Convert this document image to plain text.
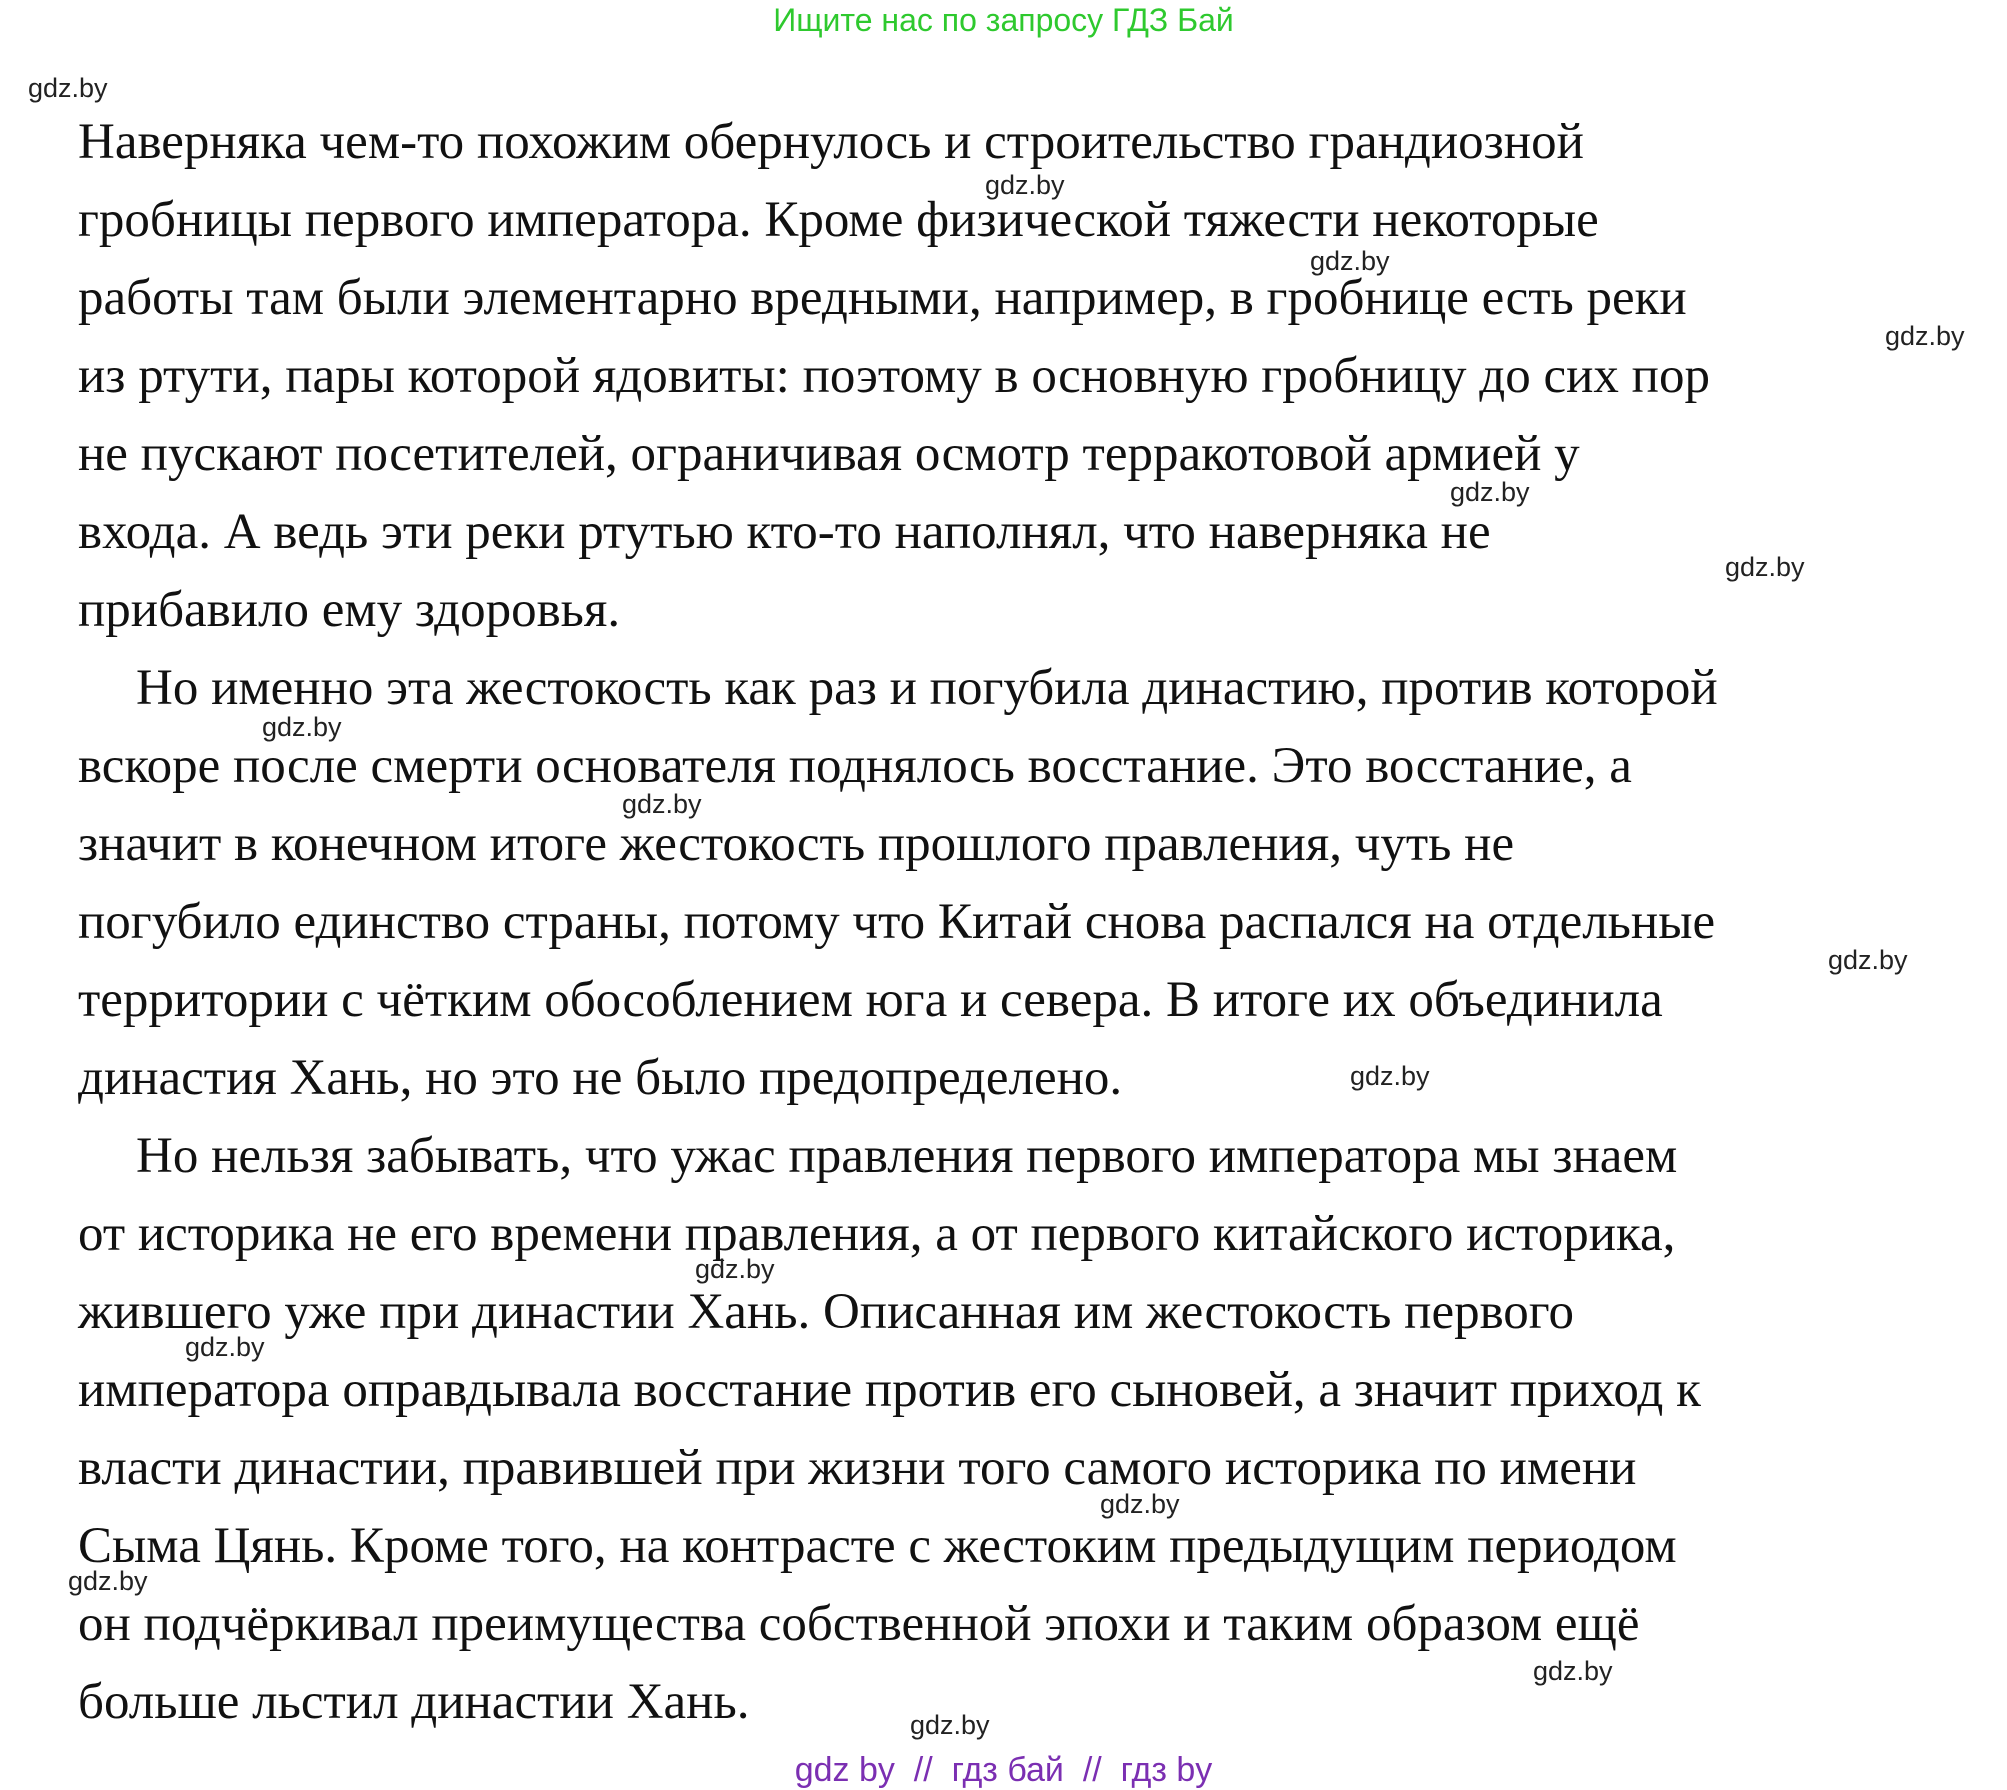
Ищите нас по запросу ГДЗ Бай

Наверняка чем-то похожим обернулось и строительство грандиозной

гробницы первого императора. Кроме физической тяжести некоторые

работы там были элементарно вредными, например, в гробнице есть реки

из ртути, пары которой ядовиты: поэтому в основную гробницу до сих пор

не пускают посетителей, ограничивая осмотр терракотовой армией у

входа. А ведь эти реки ртутью кто-то наполнял, что наверняка не

прибавило ему здоровья.

Но именно эта жестокость как раз и погубила династию, против которой

вскоре после смерти основателя поднялось восстание. Это восстание, а

значит в конечном итоге жестокость прошлого правления, чуть не

погубило единство страны, потому что Китай снова распался на отдельные

территории с чётким обособлением юга и севера. В итоге их объединила

династия Хань, но это не было предопределено.

Но нельзя забывать, что ужас правления первого императора мы знаем

от историка не его времени правления, а от первого китайского историка,

жившего уже при династии Хань. Описанная им жестокость первого

императора оправдывала восстание против его сыновей, а значит приход к

власти династии, правившей при жизни того самого историка по имени

Сыма Цянь. Кроме того, на контрасте с жестоким предыдущим периодом

он подчёркивал преимущества собственной эпохи и таким образом ещё

больше льстил династии Хань.

gdz.by
gdz.by
gdz.by
gdz.by
gdz.by
gdz.by
gdz.by
gdz.by
gdz.by
gdz.by
gdz.by
gdz.by
gdz.by
gdz.by
gdz.by
gdz.by
gdz by  //  гдз бай  //  гдз by
